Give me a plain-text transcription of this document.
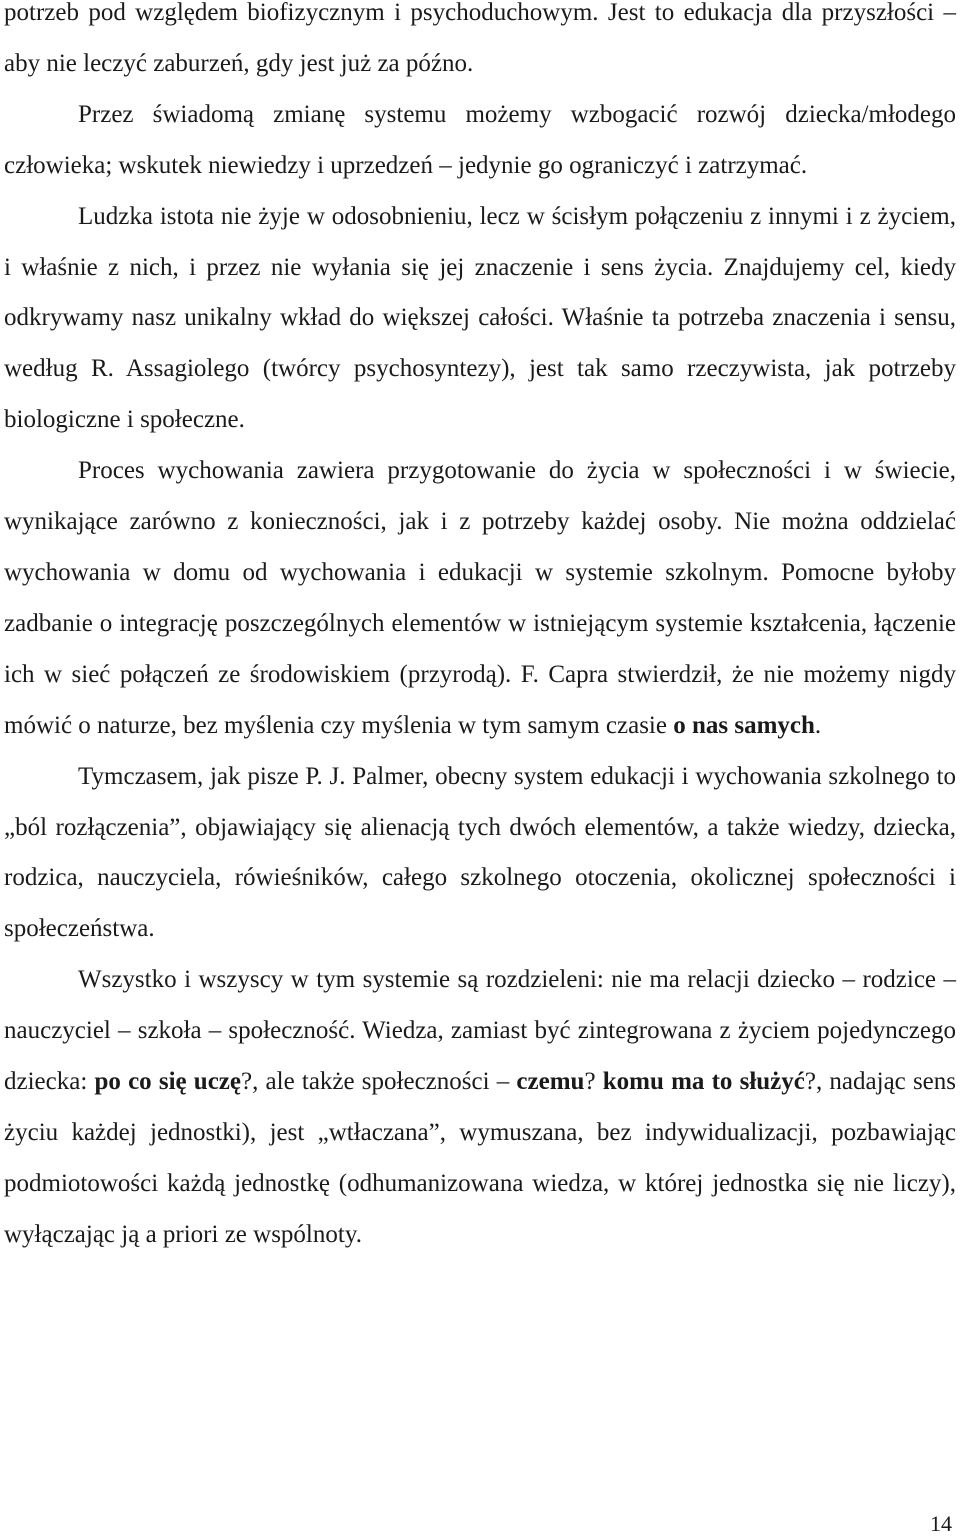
potrzeb pod względem biofizycznym i psychoduchowym. Jest to edukacja dla przyszłości – aby nie leczyć zaburzeń, gdy jest już za późno.

Przez świadomą zmianę systemu możemy wzbogacić rozwój dziecka/młodego człowieka; wskutek niewiedzy i uprzedzeń – jedynie go ograniczyć i zatrzymać.

Ludzka istota nie żyje w odosobnieniu, lecz w ścisłym połączeniu z innymi i z życiem, i właśnie z nich, i przez nie wyłania się jej znaczenie i sens życia. Znajdujemy cel, kiedy odkrywamy nasz unikalny wkład do większej całości. Właśnie ta potrzeba znaczenia i sensu, według R. Assagiolego (twórcy psychosyntezy), jest tak samo rzeczywista, jak potrzeby biologiczne i społeczne.

Proces wychowania zawiera przygotowanie do życia w społeczności i w świecie, wynikające zarówno z konieczności, jak i z potrzeby każdej osoby. Nie można oddzielać wychowania w domu od wychowania i edukacji w systemie szkolnym. Pomocne byłoby zadbanie o integrację poszczególnych elementów w istniejącym systemie kształcenia, łączenie ich w sieć połączeń ze środowiskiem (przyrodą). F. Capra stwierdził, że nie możemy nigdy mówić o naturze, bez myślenia czy myślenia w tym samym czasie o nas samych.

Tymczasem, jak pisze P. J. Palmer, obecny system edukacji i wychowania szkolnego to „ból rozłączenia”, objawiający się alienacją tych dwóch elementów, a także wiedzy, dziecka, rodzica, nauczyciela, rówieśników, całego szkolnego otoczenia, okolicznej społeczności i społeczeństwa.

Wszystko i wszyscy w tym systemie są rozdzieleni: nie ma relacji dziecko – rodzice – nauczyciel – szkoła – społeczność. Wiedza, zamiast być zintegrowana z życiem pojedynczego dziecka: po co się uczę?, ale także społeczności – czemu? komu ma to służyć?, nadając sens życiu każdej jednostki), jest „wtłaczana”, wymuszana, bez indywidualizacji, pozbawiając podmiotowości każdą jednostkę (odhumanizowana wiedza, w której jednostka się nie liczy), wyłączając ją a priori ze wspólnoty.

14
